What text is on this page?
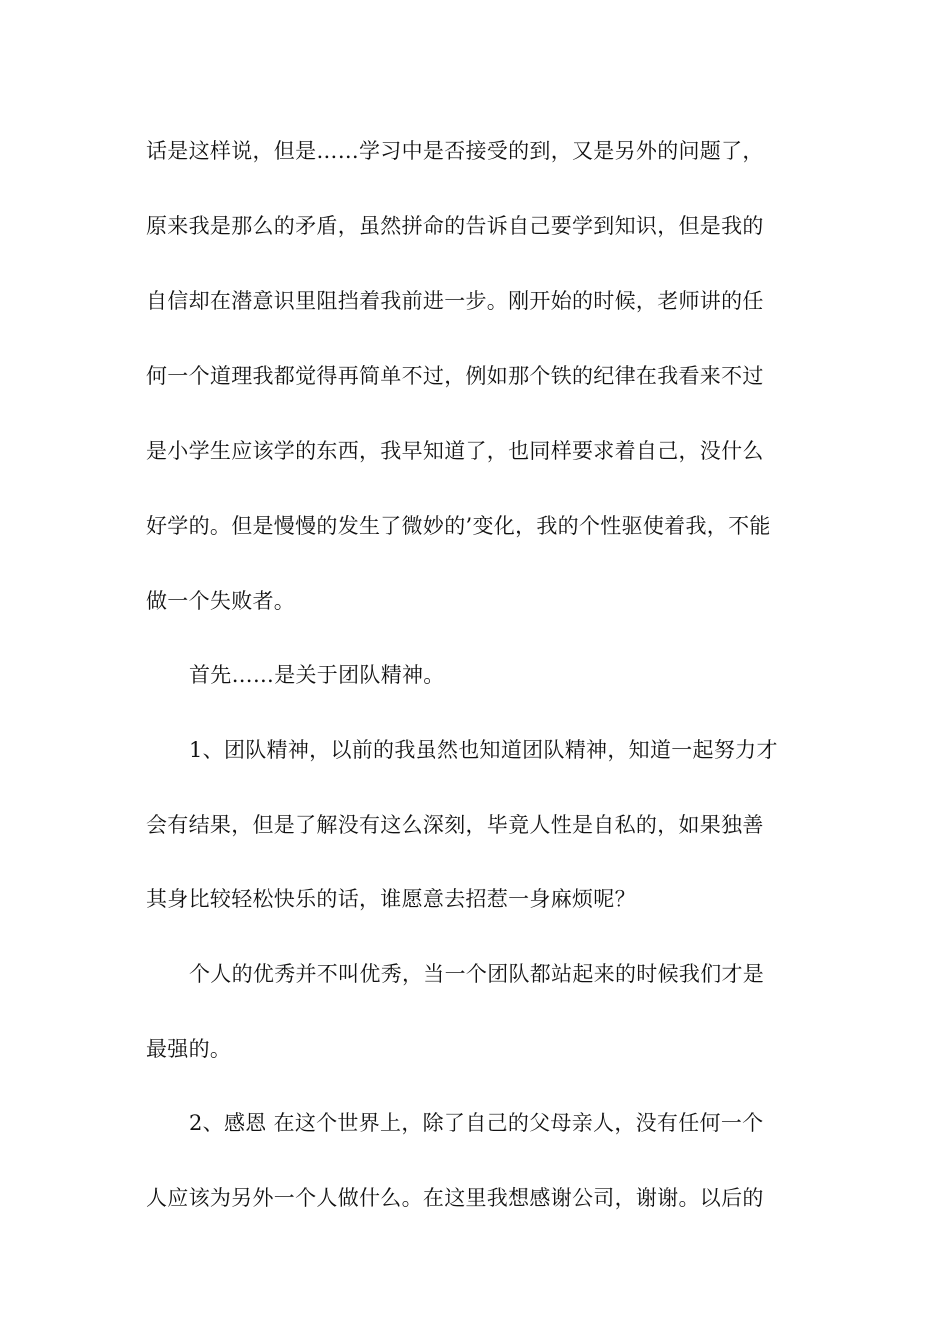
话是这样说，但是……学习中是否接受的到，又是另外的问题了，
原来我是那么的矛盾，虽然拼命的告诉自己要学到知识，但是我的
自信却在潜意识里阻挡着我前进一步。刚开始的时候，老师讲的任
何一个道理我都觉得再简单不过，例如那个铁的纪律在我看来不过
是小学生应该学的东西，我早知道了，也同样要求着自己，没什么
好学的。但是慢慢的发生了微妙的’变化，我的个性驱使着我，不能
做一个失败者。
首先……是关于团队精神。
1、团队精神，以前的我虽然也知道团队精神，知道一起努力才
会有结果，但是了解没有这么深刻，毕竟人性是自私的，如果独善
其身比较轻松快乐的话，谁愿意去招惹一身麻烦呢？
个人的优秀并不叫优秀，当一个团队都站起来的时候我们才是
最强的。
2、感恩 在这个世界上，除了自己的父母亲人，没有任何一个
人应该为另外一个人做什么。在这里我想感谢公司，谢谢。以后的
